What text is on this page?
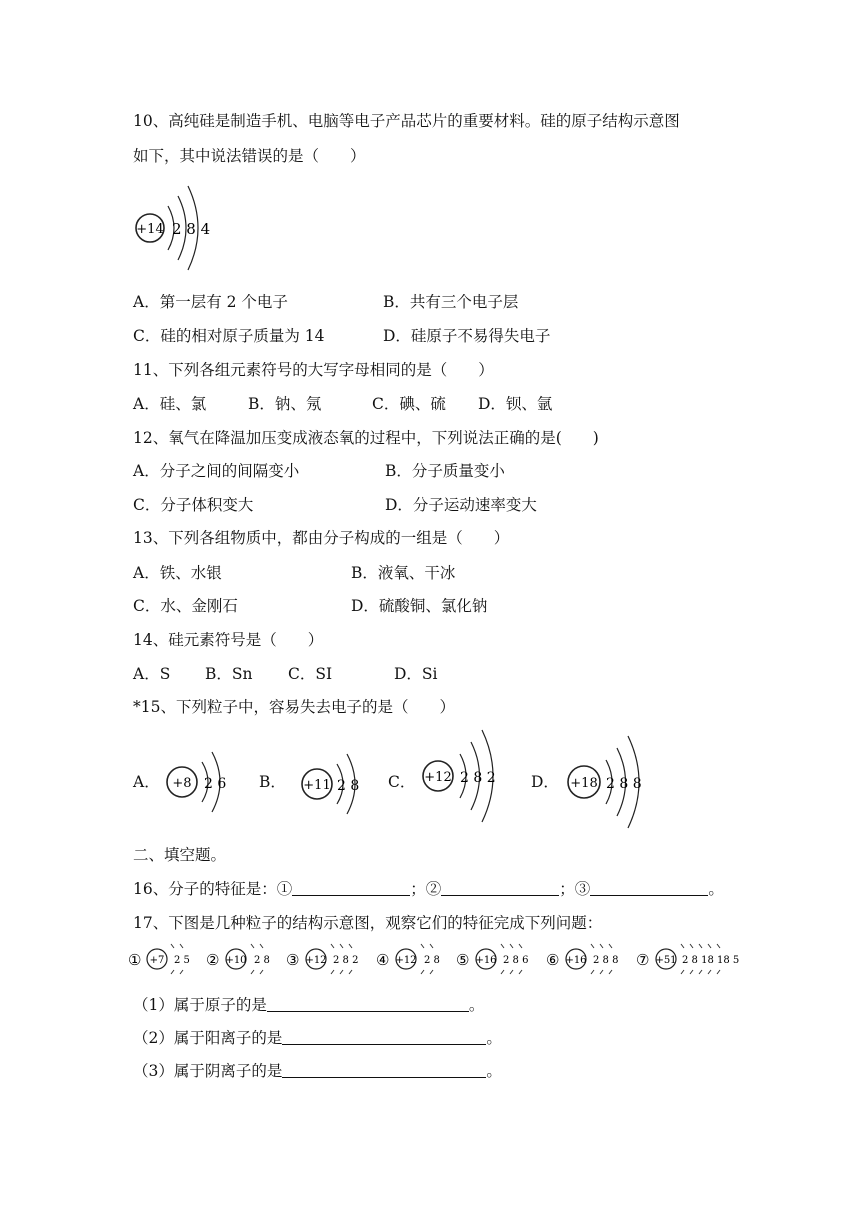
10、高纯硅是制造手机、电脑等电子产品芯片的重要材料。硅的原子结构示意图
如下，其中说法错误的是（　　）
+14 2 8 4
A．第一层有 2 个电子	B．共有三个电子层
C．硅的相对原子质量为 14	D．硅原子不易得失电子
11、下列各组元素符号的大写字母相同的是（　　）
A．硅、氯	B．钠、氖	C．碘、硫 D．钡、氩
12、氧气在降温加压变成液态氧的过程中，下列说法正确的是(　　)
A．分子之间的间隔变小	B．分子质量变小
C．分子体积变大	D．分子运动速率变大
13、下列各组物质中，都由分子构成的一组是（　　）
A．铁、水银	B．液氧、干冰
C．水、金刚石	D．硫酸铜、氯化钠
14、硅元素符号是（　　）
A．S B．Sn C．SI	D．Si
*15、下列粒子中，容易失去电子的是（　　）
A． +8 2 6 B． +11 2 8 C． +12 2 8 2 D． +18 2 8 8
二、填空题。
16、分子的特征是：①	；②	；③	。
17、下图是几种粒子的结构示意图，观察它们的特征完成下列问题：
① +7 2 5 ② +10 2 8 ③ +12 2 8 2 ④ +12 2 8 ⑤ +16 2 8 6 ⑥ +16 2 8 8 ⑦ +51 2 8 18 18 5
（1）属于原子的是	。
（2）属于阳离子的是	。
（3）属于阴离子的是	。
